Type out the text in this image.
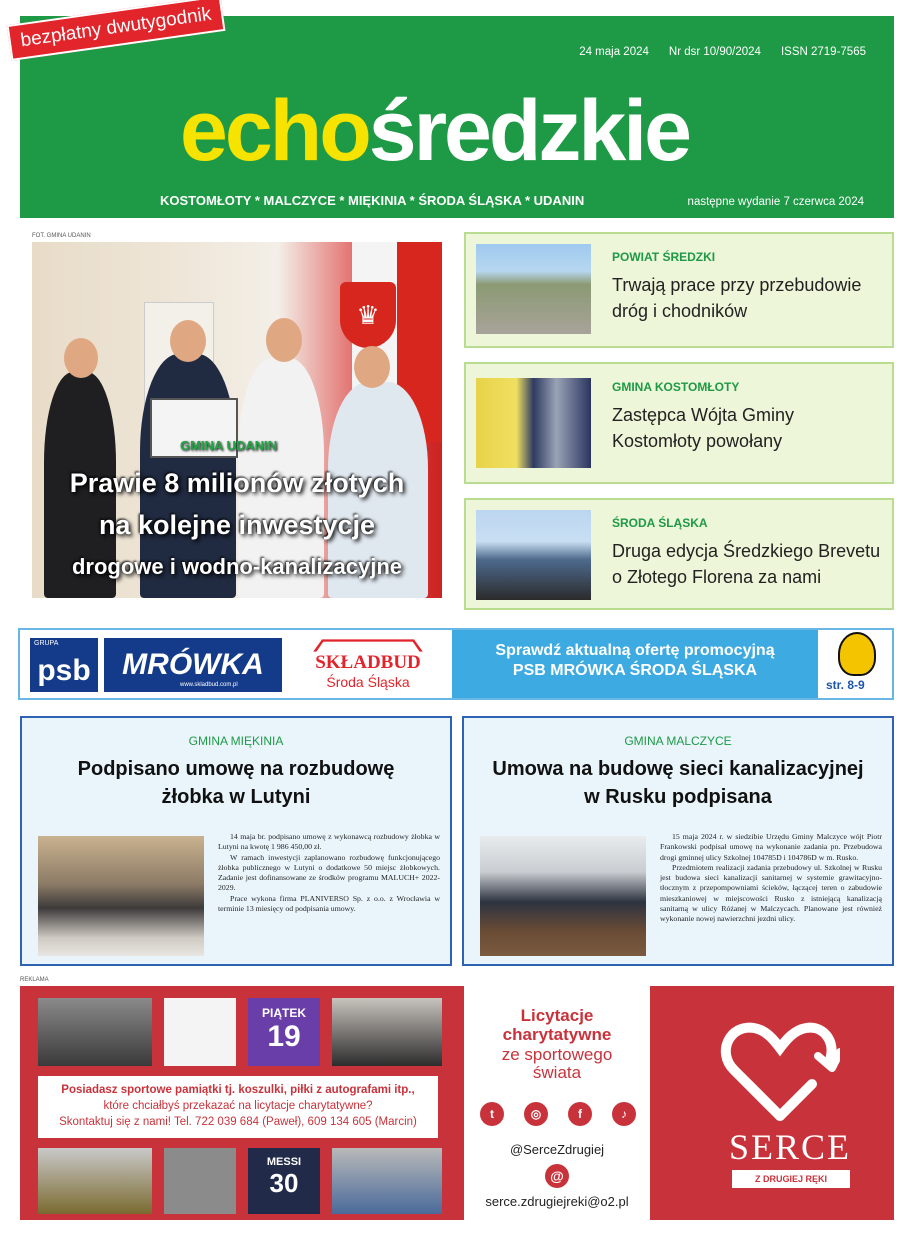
bezpłatny dwutygodnik
24 maja 2024 Nr dsr 10/90/2024 ISSN 2719-7565
echośredzkie
KOSTOMŁOTY * MALCZYCE * MIĘKINIA * ŚRODA ŚLĄSKA * UDANIN	następne wydanie 7 czerwca 2024
FOT. GMINA UDANIN
♛
GMINA UDANIN
Prawie 8 milionów złotych
na kolejne inwestycje
drogowe i wodno-kanalizacyjne
POWIAT ŚREDZKI
Trwają prace przy przebudowie dróg i chodników
GMINA KOSTOMŁOTY
Zastępca Wójta Gminy Kostomłoty powołany
ŚRODA ŚLĄSKA
Druga edycja Średzkiego Brevetu o Złotego Florena za nami
psb
GRUPA
MRÓWKA
www.skladbud.com.pl
SKŁADBUD
Środa Śląska
Sprawdź aktualną ofertę promocyjną
PSB MRÓWKA ŚRODA ŚLĄSKA
str. 8-9
GMINA MIĘKINIA
Podpisano umowę na rozbudowę
żłobka w Lutyni

14 maja br. podpisano umowę z wykonawcą rozbudowy żłobka w Lutyni na kwotę 1 986 450,00 zł.

W ramach inwestycji zaplanowano rozbudowę funkcjonującego żłobka publicznego w Lutyni o dodatkowe 50 miejsc żłobkowych. Zadanie jest dofinansowane ze środków programu MALUCH+ 2022-2029.

Prace wykona firma PLANIVERSO Sp. z o.o. z Wrocławia w terminie 13 miesięcy od podpisania umowy.

GMINA MALCZYCE
Umowa na budowę sieci kanalizacyjnej
w Rusku podpisana

15 maja 2024 r. w siedzibie Urzędu Gminy Malczyce wójt Piotr Frankowski podpisał umowę na wykonanie zadania pn. Przebudowa drogi gminnej ulicy Szkolnej 104785D i 104786D w m. Rusko.

Przedmiotem realizacji zadania przebudowy ul. Szkolnej w Rusku jest budowa sieci kanalizacji sanitarnej w systemie grawitacyjno-tłocznym z przepompowniami ścieków, łączącej teren o zabudowie mieszkaniowej w miejscowości Rusko z istniejącą kanalizacją sanitarną w ulicy Różanej w Malczycach. Planowane jest również wykonanie nowej nawierzchni jezdni ulicy.

REKLAMA
PIĄTEK
19
Posiadasz sportowe pamiątki tj. koszulki, piłki z autografami itp.,
które chciałbyś przekazać na licytacje charytatywne?
Skontaktuj się z nami! Tel. 722 039 684 (Paweł), 609 134 605 (Marcin)
MESSI
30
Licytacje
charytatywne
ze sportowego
świata
t	◎	f	♪
@SerceZdrugiej
@
serce.zdrugiejreki@o2.pl
SERCE
Z DRUGIEJ RĘKI
